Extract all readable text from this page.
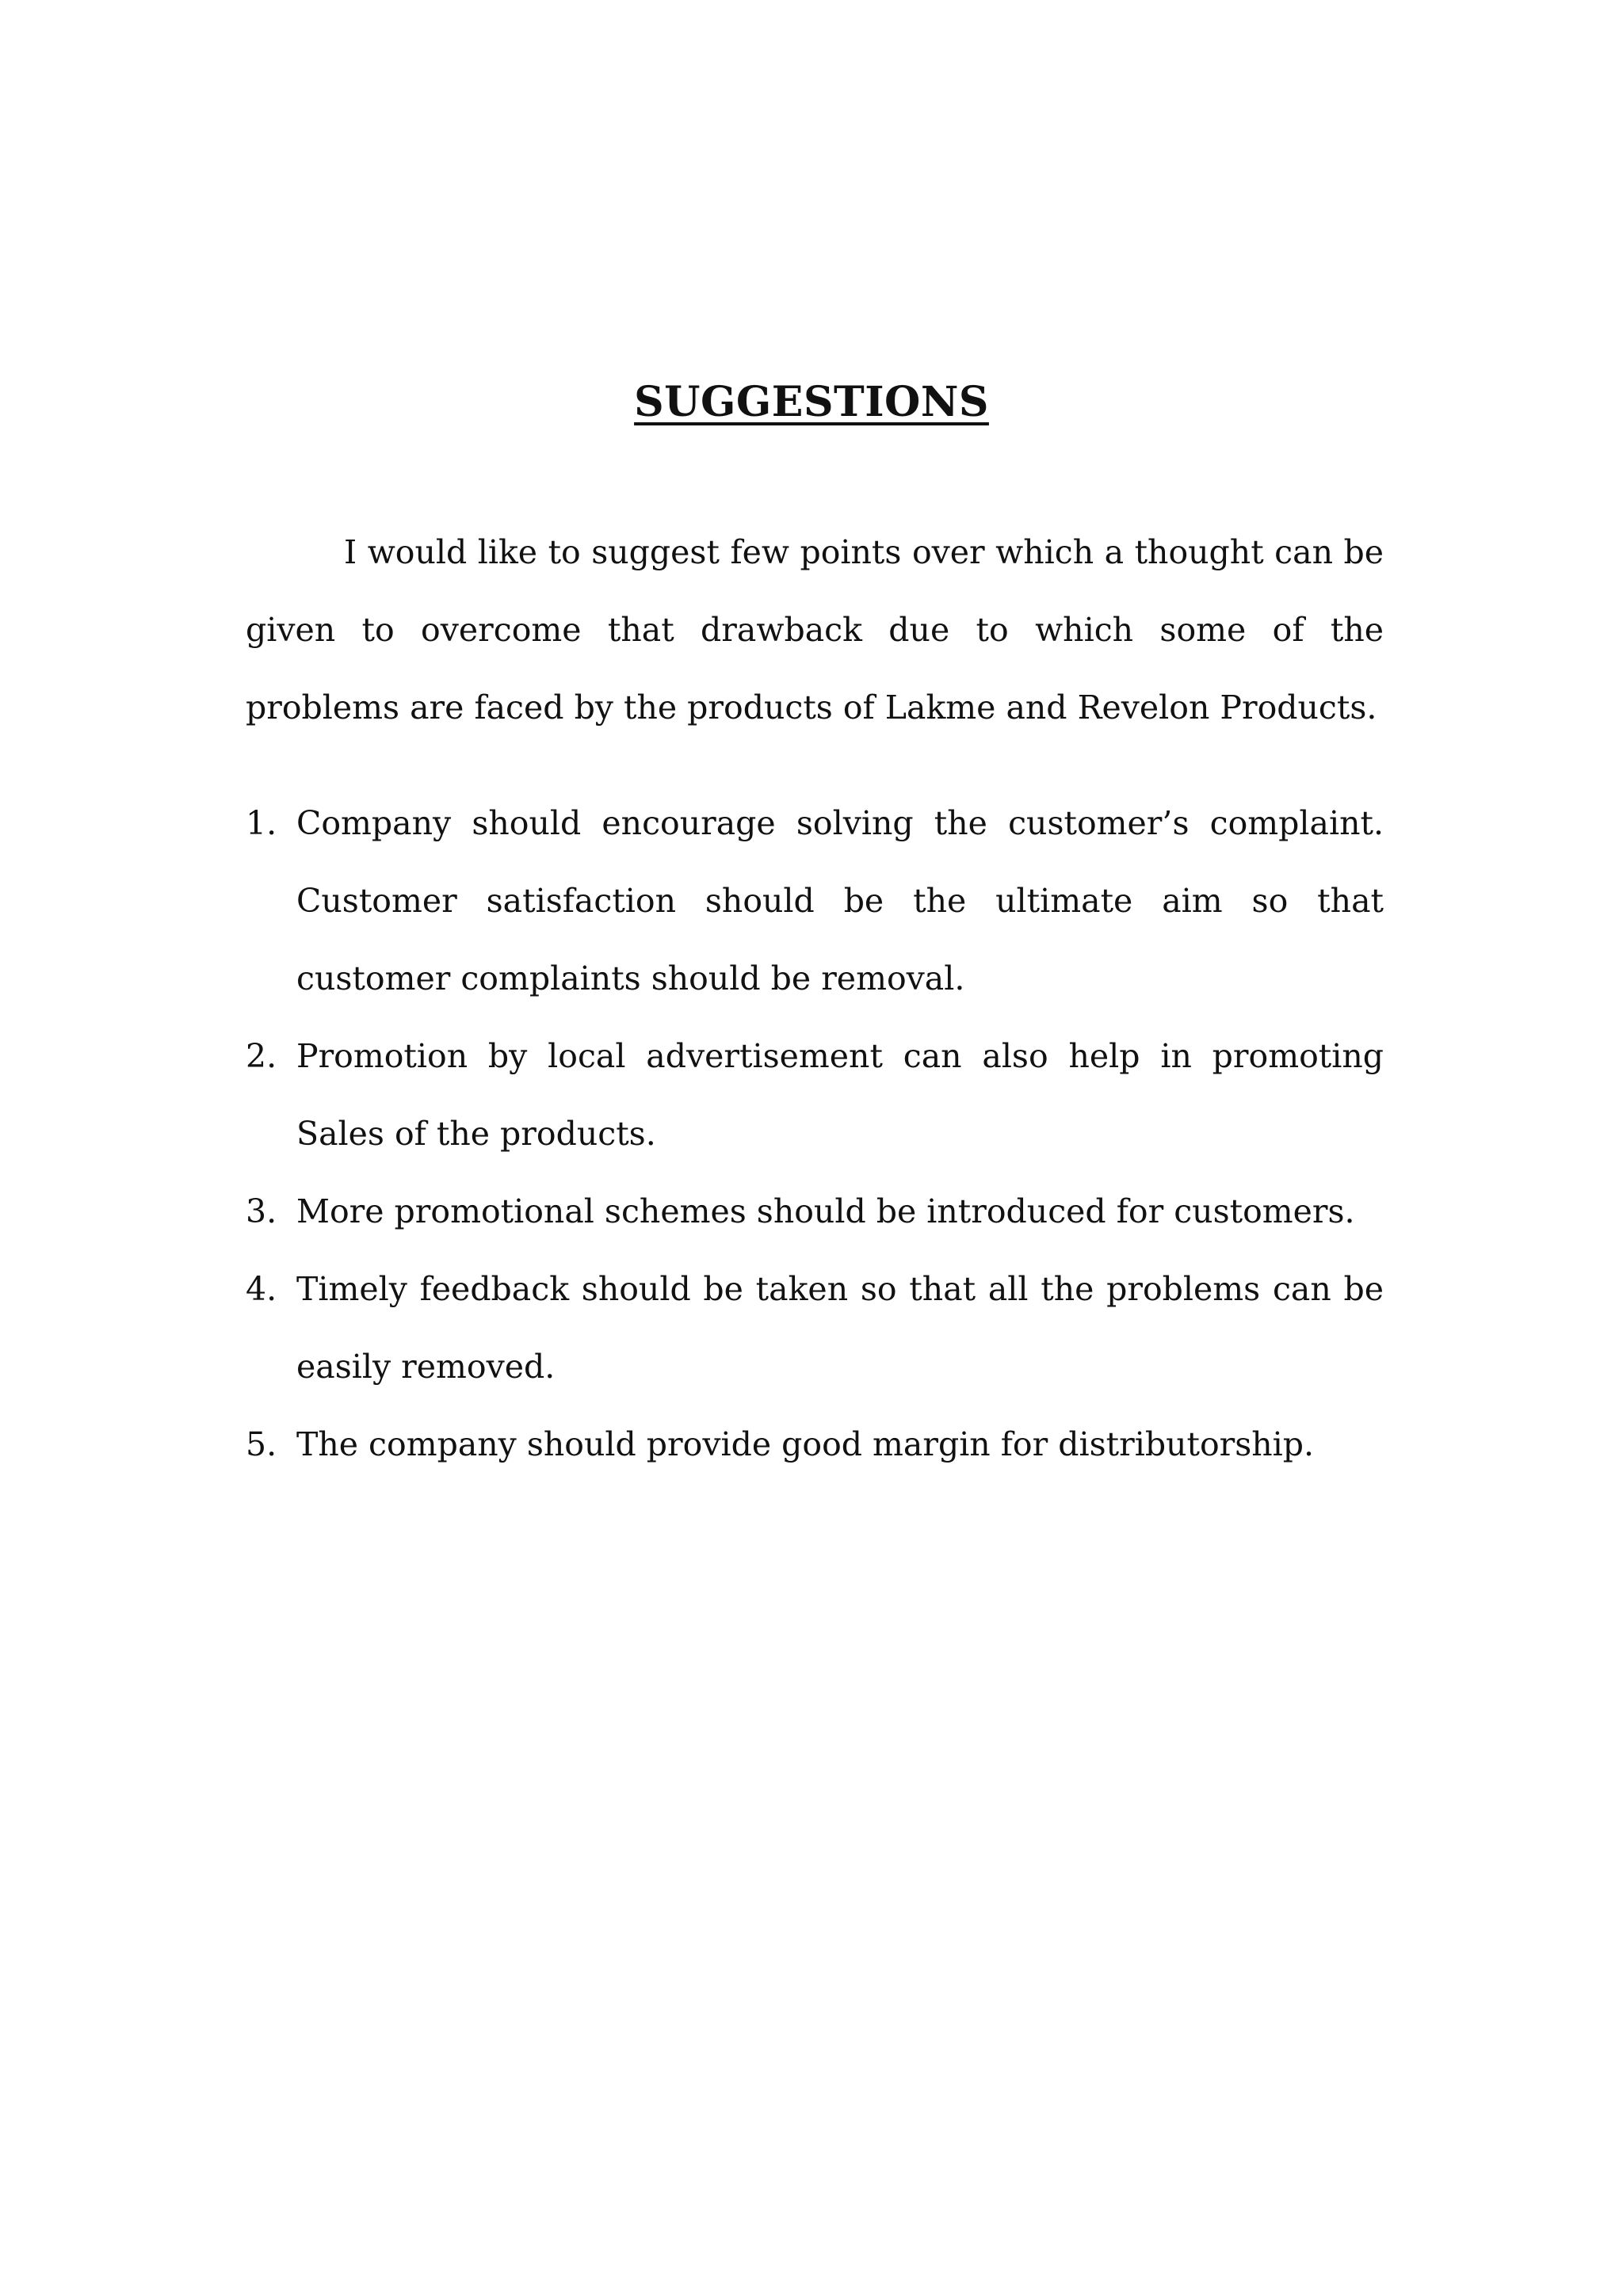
SUGGESTIONS

I would like to suggest few points over which a thought can be given to overcome that drawback due to which some of the problems are faced by the products of Lakme and Revelon Products.

1. Company should encourage solving the customer’s complaint. Customer satisfaction should be the ultimate aim so that customer complaints should be removal.
2. Promotion by local advertisement can also help in promoting Sales of the products.
3. More promotional schemes should be introduced for customers.
4. Timely feedback should be taken so that all the problems can be easily removed.
5. The company should provide good margin for distributorship.
